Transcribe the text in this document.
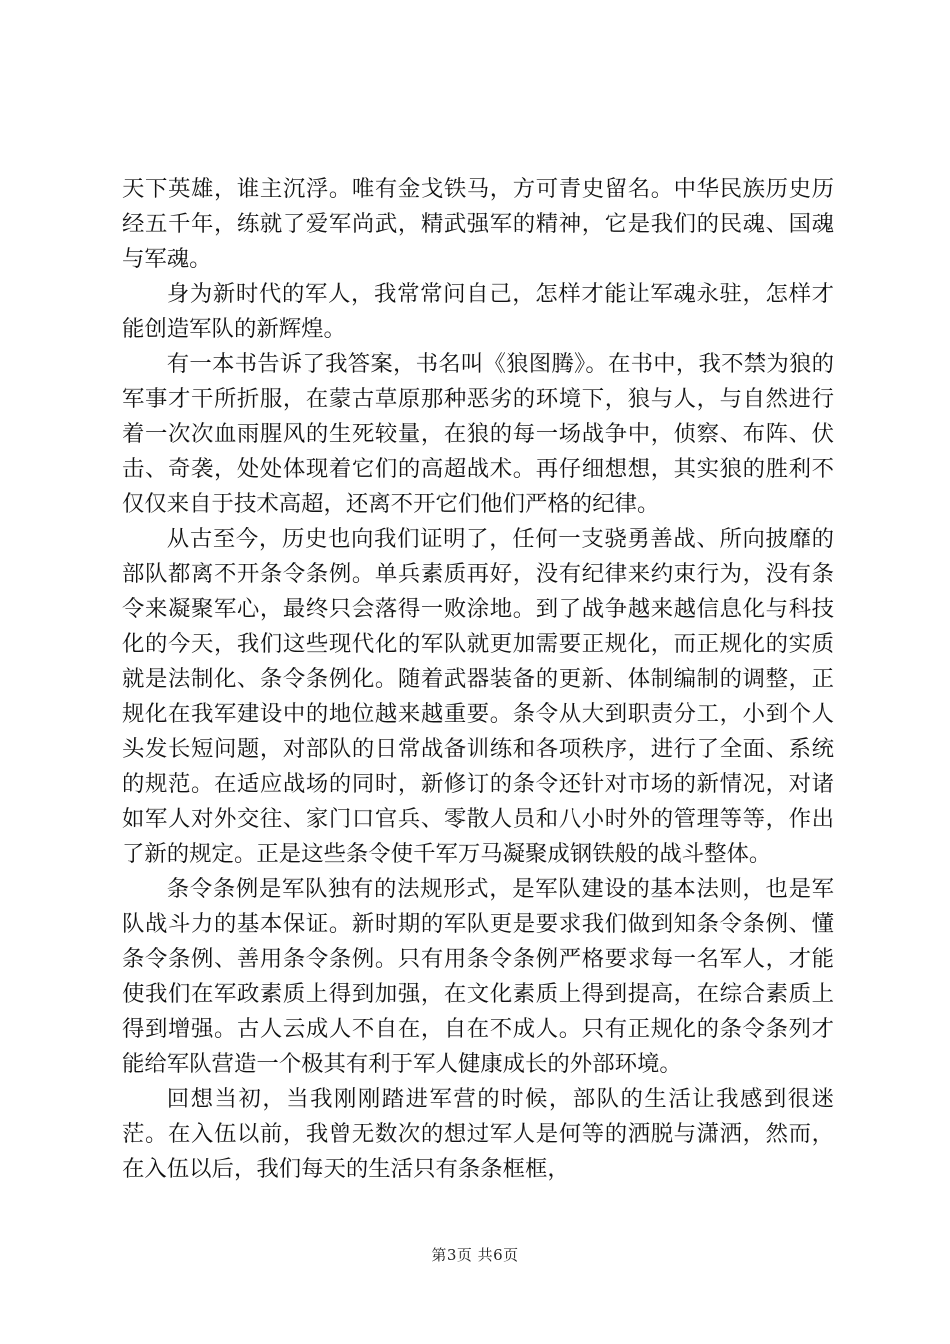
天下英雄，谁主沉浮。唯有金戈铁马，方可青史留名。中华民族历史历经五千年，练就了爱军尚武，精武强军的精神，它是我们的民魂、国魂与军魂。

身为新时代的军人，我常常问自己，怎样才能让军魂永驻，怎样才能创造军队的新辉煌。

有一本书告诉了我答案，书名叫《狼图腾》。在书中，我不禁为狼的军事才干所折服，在蒙古草原那种恶劣的环境下，狼与人，与自然进行着一次次血雨腥风的生死较量，在狼的每一场战争中，侦察、布阵、伏击、奇袭，处处体现着它们的高超战术。再仔细想想，其实狼的胜利不仅仅来自于技术高超，还离不开它们他们严格的纪律。

从古至今，历史也向我们证明了，任何一支骁勇善战、所向披靡的部队都离不开条令条例。单兵素质再好，没有纪律来约束行为，没有条令来凝聚军心，最终只会落得一败涂地。到了战争越来越信息化与科技化的今天，我们这些现代化的军队就更加需要正规化，而正规化的实质就是法制化、条令条例化。随着武器装备的更新、体制编制的调整，正规化在我军建设中的地位越来越重要。条令从大到职责分工，小到个人头发长短问题，对部队的日常战备训练和各项秩序，进行了全面、系统的规范。在适应战场的同时，新修订的条令还针对市场的新情况，对诸如军人对外交往、家门口官兵、零散人员和八小时外的管理等等，作出了新的规定。正是这些条令使千军万马凝聚成钢铁般的战斗整体。

条令条例是军队独有的法规形式，是军队建设的基本法则，也是军队战斗力的基本保证。新时期的军队更是要求我们做到知条令条例、懂条令条例、善用条令条例。只有用条令条例严格要求每一名军人，才能使我们在军政素质上得到加强，在文化素质上得到提高，在综合素质上得到增强。古人云成人不自在，自在不成人。只有正规化的条令条列才能给军队营造一个极其有利于军人健康成长的外部环境。

回想当初，当我刚刚踏进军营的时候，部队的生活让我感到很迷茫。在入伍以前，我曾无数次的想过军人是何等的洒脱与潇洒，然而，在入伍以后，我们每天的生活只有条条框框，

第3页 共6页
